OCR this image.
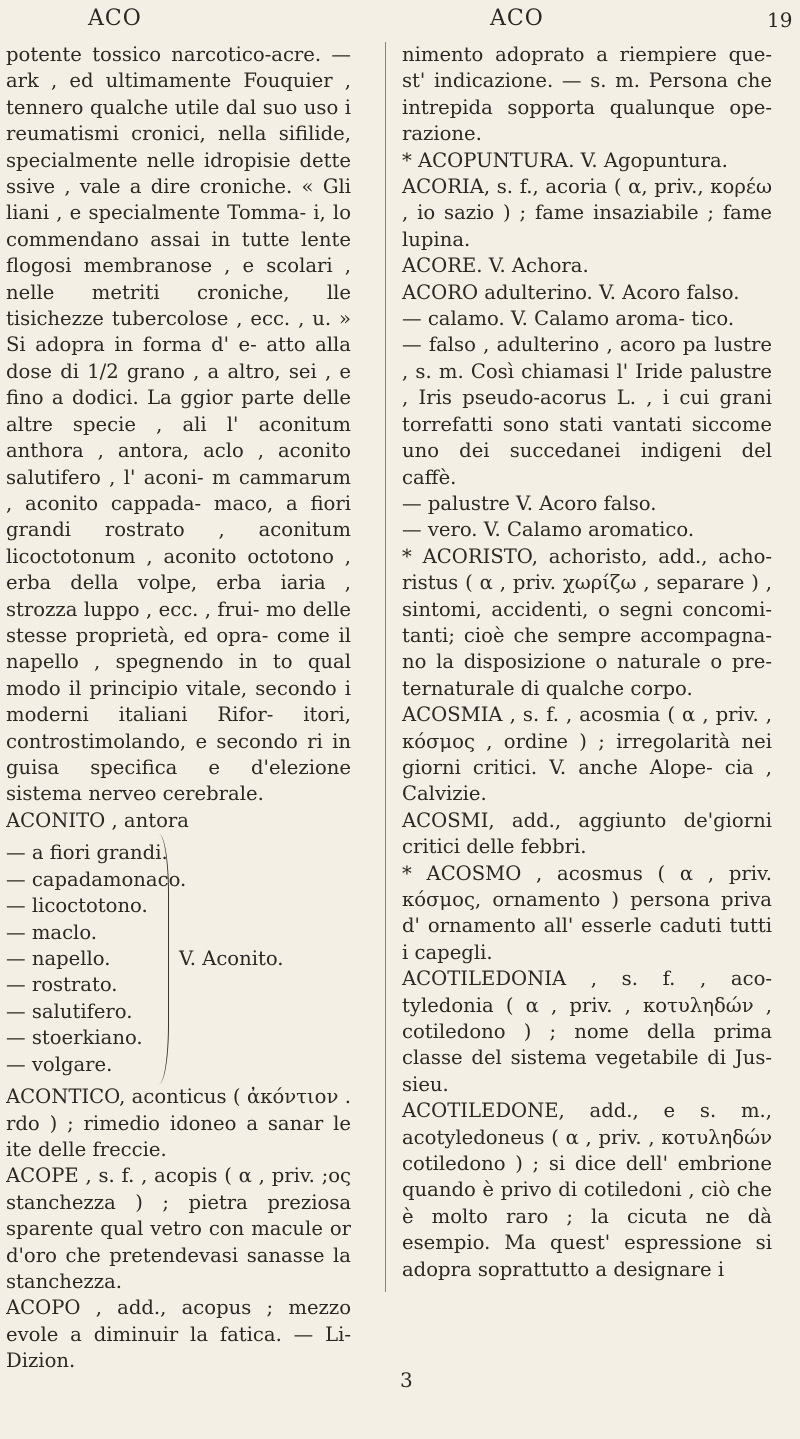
ACO	ACO	19

potente tossico narcotico-acre. — ark , ed ultimamente Fouquier , tennero qualche utile dal suo uso i reumatismi cronici, nella sifilide, specialmente nelle idropisie dette ssive , vale a dire croniche. « Gli liani , e specialmente Tomma- i, lo commendano assai in tutte lente flogosi membranose , e scolari , nelle metriti croniche, lle tisichezze tubercolose , ecc. , u. » Si adopra in forma d' e- atto alla dose di 1/2 grano , a altro, sei , e fino a dodici. La ggior parte delle altre specie , ali l' aconitum anthora , antora, aclo , aconito salutifero , l' aconi- m cammarum , aconito cappada- maco, a fiori grandi rostrato , aconitum licoctotonum , aconito octotono , erba della volpe, erba iaria , strozza luppo , ecc. , frui- mo delle stesse proprietà, ed opra- come il napello , spegnendo in to qual modo il principio vitale, secondo i moderni italiani Rifor- itori, controstimolando, e secondo ri in guisa specifica e d'elezione sistema nerveo cerebrale.

ACONITO , antora

— a fiori grandi.
— capadamonaco.
— licoctotono.
— maclo.
— napello.
— rostrato.
— salutifero.
— stoerkiano.
— volgare.
V. Aconito.

ACONTICO, aconticus ( ἀκόντιον . rdo ) ; rimedio idoneo a sanar le ite delle freccie.

ACOPE , s. f. , acopis ( α , priv. ;ος stanchezza ) ; pietra preziosa sparente qual vetro con macule or d'oro che pretendevasi sanasse la stanchezza.

ACOPO , add., acopus ; mezzo evole a diminuir la fatica. — Li- Dizion.

nimento adoprato a riempiere que- st' indicazione. — s. m. Persona che intrepida sopporta qualunque ope- razione.

* ACOPUNTURA. V. Agopuntura.

ACORIA, s. f., acoria ( α, priv., κορέω , io sazio ) ; fame insaziabile ; fame lupina.

ACORE. V. Achora.

ACORO adulterino. V. Acoro falso.

— calamo. V. Calamo aroma- tico.

— falso , adulterino , acoro pa lustre , s. m. Così chiamasi l' Iride palustre , Iris pseudo-acorus L. , i cui grani torrefatti sono stati vantati siccome uno dei succedanei indigeni del caffè.

— palustre V. Acoro falso.

— vero. V. Calamo aromatico.

* ACORISTO, achoristo, add., acho- ristus ( α , priv. χωρίζω , separare ) , sintomi, accidenti, o segni concomi- tanti; cioè che sempre accompagna- no la disposizione o naturale o pre- ternaturale di qualche corpo.

ACOSMIA , s. f. , acosmia ( α , priv. , κόσμος , ordine ) ; irregolarità nei giorni critici. V. anche Alope- cia , Calvizie.

ACOSMI, add., aggiunto de'giorni critici delle febbri.

* ACOSMO , acosmus ( α , priv. κόσμος, ornamento ) persona priva d' ornamento all' esserle caduti tutti i capegli.

ACOTILEDONIA , s. f. , aco- tyledonia ( α , priv. , κοτυληδών , cotiledono ) ; nome della prima classe del sistema vegetabile di Jus- sieu.

ACOTILEDONE, add., e s. m., acotyledoneus ( α , priv. , κοτυληδών cotiledono ) ; si dice dell' embrione quando è privo di cotiledoni , ciò che è molto raro ; la cicuta ne dà esempio. Ma quest' espressione si adopra soprattutto a designare i

3
